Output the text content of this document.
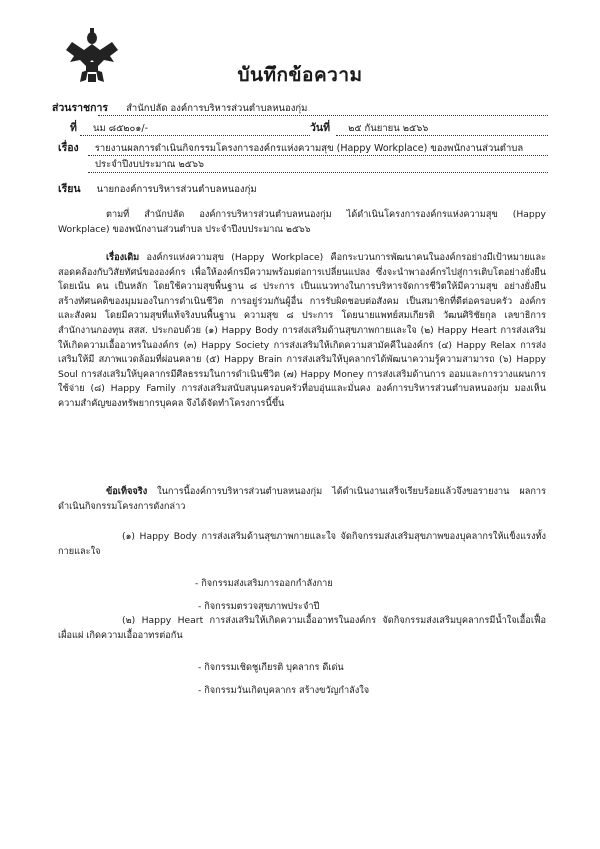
บันทึกข้อความ
ส่วนราชการ สำนักปลัด องค์การบริหารส่วนตำบลหนองกุ่ม
ที่ นม ๘๕๒๐๑/-	วันที่ ๒๕ กันยายน ๒๕๖๖
เรื่อง รายงานผลการดำเนินกิจกรรมโครงการองค์กรแห่งความสุข (Happy Workplace) ของพนักงานส่วนตำบล
ประจำปีงบประมาณ ๒๕๖๖
เรียน นายกองค์การบริหารส่วนตำบลหนองกุ่ม

ตามที่ สำนักปลัด องค์การบริหารส่วนตำบลหนองกุ่ม ได้ดำเนินโครงการองค์กรแห่งความสุข (Happy Workplace) ของพนักงานส่วนตำบล ประจำปีงบประมาณ ๒๕๖๖

เรื่องเดิม องค์กรแห่งความสุข (Happy Workplace) คือกระบวนการพัฒนาคนในองค์กรอย่างมีเป้าหมายและสอดคล้องกับวิสัยทัศน์ขององค์กร เพื่อให้องค์กรมีความพร้อมต่อการเปลี่ยนแปลง ซึ่งจะนำพาองค์กรไปสู่การเติบโตอย่างยั่งยืน โดยเน้น คน เป็นหลัก โดยใช้ความสุขพื้นฐาน ๘ ประการ เป็นแนวทางในการบริหารจัดการชีวิตให้มีความสุข อย่างยั่งยืน สร้างทัศนคติของมุมมองในการดำเนินชีวิต การอยู่ร่วมกันผู้อื่น การรับผิดชอบต่อสังคม เป็นสมาชิกที่ดีต่อครอบครัว องค์กร และสังคม โดยมีความสุขที่แท้จริงบนพื้นฐาน ความสุข ๘ ประการ โดยนายแพทย์สมเกียรติ วัฒนศิริชัยกุล เลขาธิการสำนักงานกองทุน สสส. ประกอบด้วย (๑) Happy Body การส่งเสริมด้านสุขภาพกายและใจ (๒) Happy Heart การส่งเสริมให้เกิดความเอื้ออาทรในองค์กร (๓) Happy Society การส่งเสริมให้เกิดความสามัคคีในองค์กร (๔) Happy Relax การส่งเสริมให้มี สภาพแวดล้อมที่ผ่อนคลาย (๕) Happy Brain การส่งเสริมให้บุคลากรได้พัฒนาความรู้ความสามารถ (๖) Happy Soul การส่งเสริมให้บุคลากรมีศีลธรรมในการดำเนินชีวิต (๗) Happy Money การส่งเสริมด้านการ ออมและการวางแผนการใช้จ่าย (๘) Happy Family การส่งเสริมสนับสนุนครอบครัวที่อบอุ่นและมั่นคง องค์การบริหารส่วนตำบลหนองกุ่ม มองเห็นความสำคัญของทรัพยากรบุคคล จึงได้จัดทำโครงการนี้ขึ้น

ข้อเท็จจริง ในการนี้องค์การบริหารส่วนตำบลหนองกุ่ม ได้ดำเนินงานเสร็จเรียบร้อยแล้วจึงขอรายงาน ผลการดำเนินกิจกรรมโครงการดังกล่าว

(๑) Happy Body การส่งเสริมด้านสุขภาพกายและใจ จัดกิจกรรมส่งเสริมสุขภาพของบุคลากรให้แข็งแรงทั้งกายและใจ

- กิจกรรมส่งเสริมการออกกำลังกาย
- กิจกรรมตรวจสุขภาพประจำปี

(๒) Happy Heart การส่งเสริมให้เกิดความเอื้ออาทรในองค์กร จัดกิจกรรมส่งเสริมบุคลากรมีน้ำใจเอื้อเฟื้อเผื่อแผ่ เกิดความเอื้ออาทรต่อกัน

- กิจกรรมเชิดชูเกียรติ บุคลากร ดีเด่น
- กิจกรรมวันเกิดบุคลากร สร้างขวัญกำลังใจ
